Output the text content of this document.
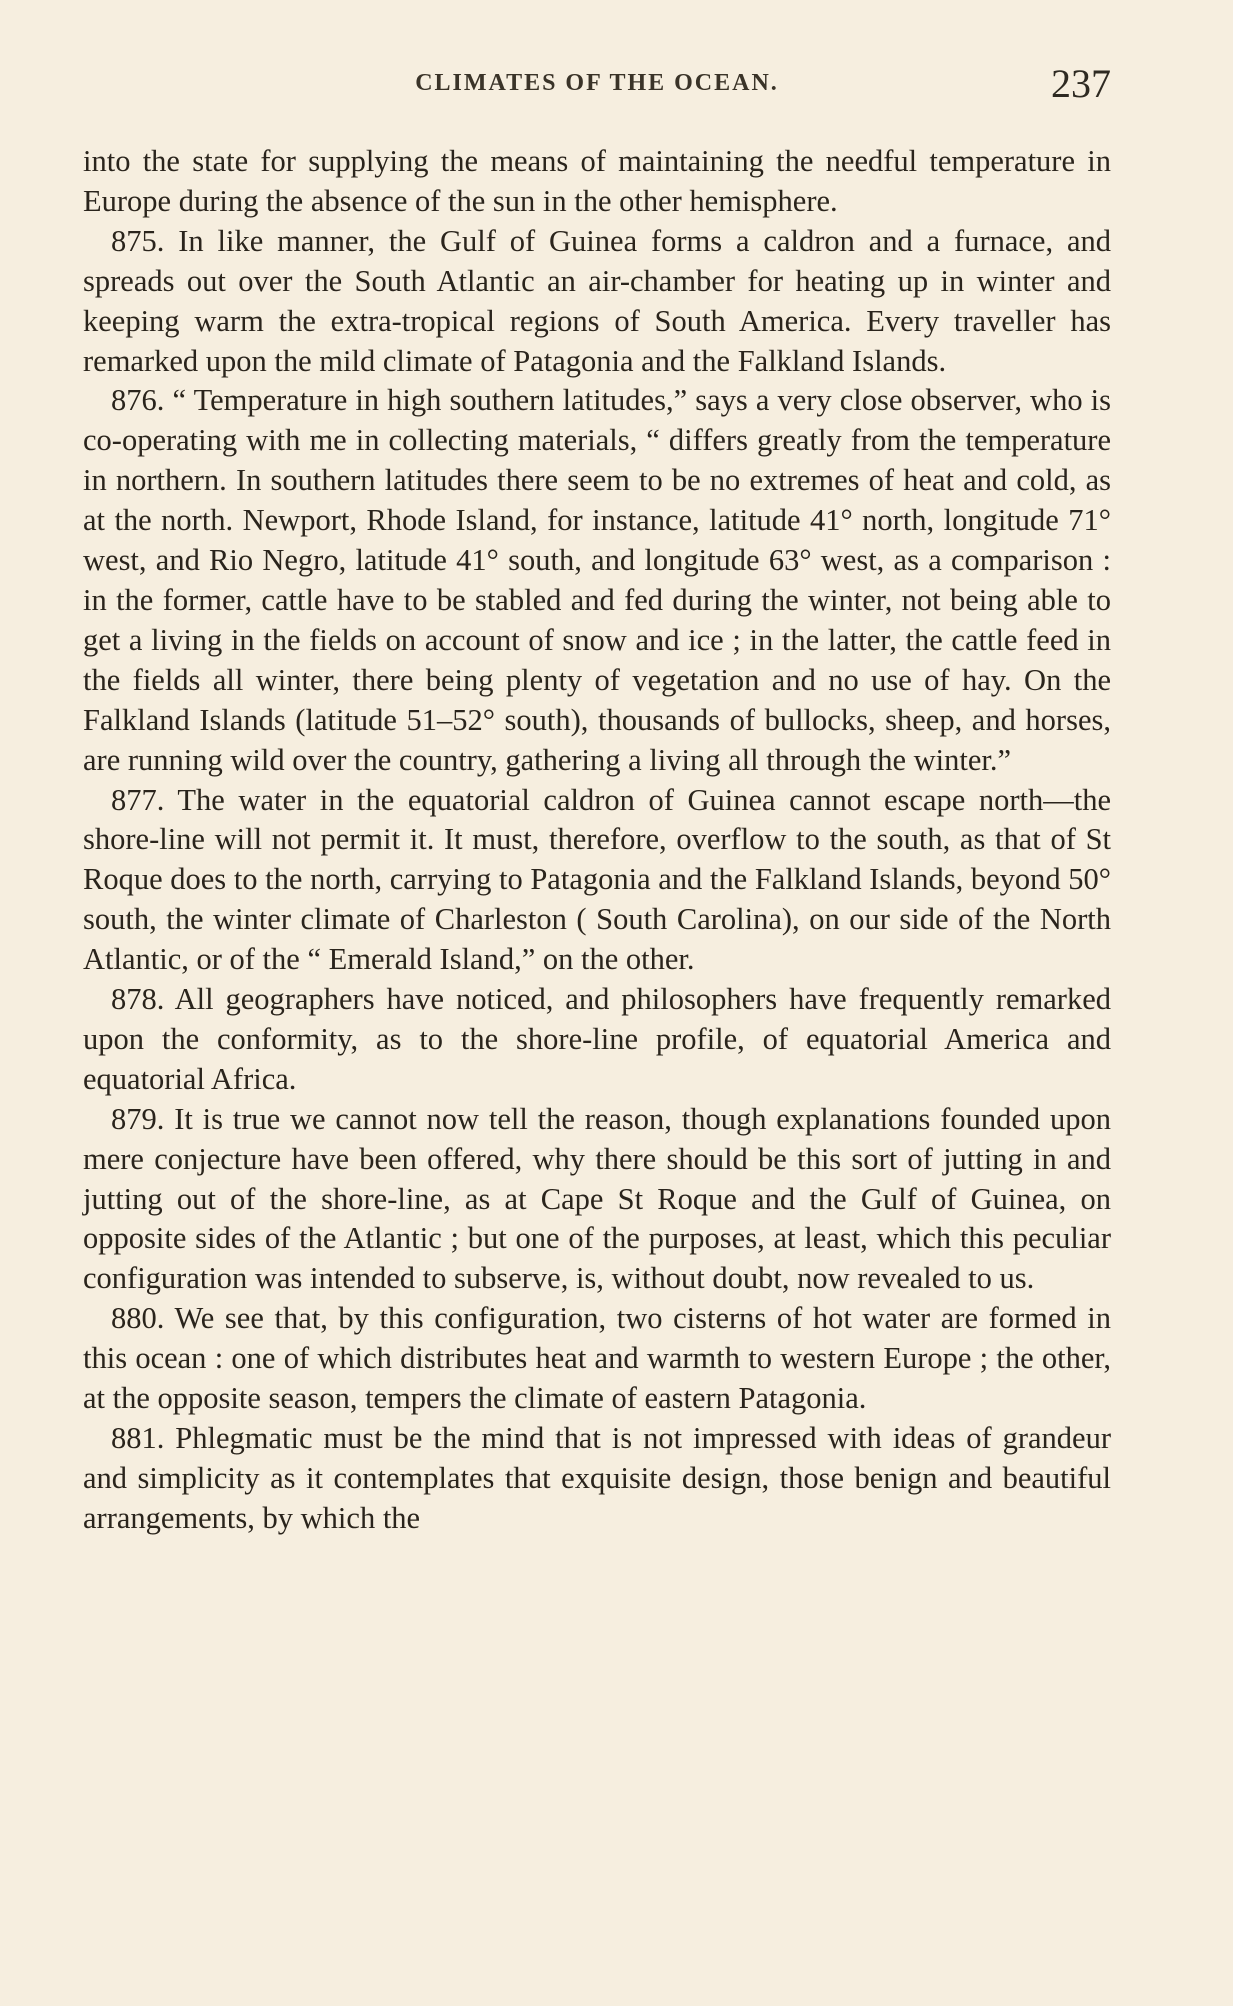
CLIMATES OF THE OCEAN.	237

into the state for supplying the means of maintaining the needful temperature in Europe during the absence of the sun in the other hemisphere.

875. In like manner, the Gulf of Guinea forms a caldron and a furnace, and spreads out over the South Atlantic an air-chamber for heating up in winter and keeping warm the extra-tropical regions of South America. Every traveller has remarked upon the mild climate of Patagonia and the Falkland Islands.

876. “ Temperature in high southern latitudes,” says a very close observer, who is co-operating with me in collecting materials, “ differs greatly from the temperature in northern. In southern latitudes there seem to be no extremes of heat and cold, as at the north. Newport, Rhode Island, for instance, latitude 41° north, longitude 71° west, and Rio Negro, latitude 41° south, and longitude 63° west, as a comparison : in the former, cattle have to be stabled and fed during the winter, not being able to get a living in the fields on account of snow and ice ; in the latter, the cattle feed in the fields all winter, there being plenty of vegetation and no use of hay. On the Falkland Islands (latitude 51–52° south), thousands of bullocks, sheep, and horses, are running wild over the country, gathering a living all through the winter.”

877. The water in the equatorial caldron of Guinea cannot escape north—the shore-line will not permit it. It must, therefore, overflow to the south, as that of St Roque does to the north, carrying to Patagonia and the Falkland Islands, beyond 50° south, the winter climate of Charleston ( South Carolina), on our side of the North Atlantic, or of the “ Emerald Island,” on the other.

878. All geographers have noticed, and philosophers have frequently remarked upon the conformity, as to the shore-line profile, of equatorial America and equatorial Africa.

879. It is true we cannot now tell the reason, though explanations founded upon mere conjecture have been offered, why there should be this sort of jutting in and jutting out of the shore-line, as at Cape St Roque and the Gulf of Guinea, on opposite sides of the Atlantic ; but one of the purposes, at least, which this peculiar configuration was intended to subserve, is, without doubt, now revealed to us.

880. We see that, by this configuration, two cisterns of hot water are formed in this ocean : one of which distributes heat and warmth to western Europe ; the other, at the opposite season, tempers the climate of eastern Patagonia.

881. Phlegmatic must be the mind that is not impressed with ideas of grandeur and simplicity as it contemplates that exquisite design, those benign and beautiful arrangements, by which the
